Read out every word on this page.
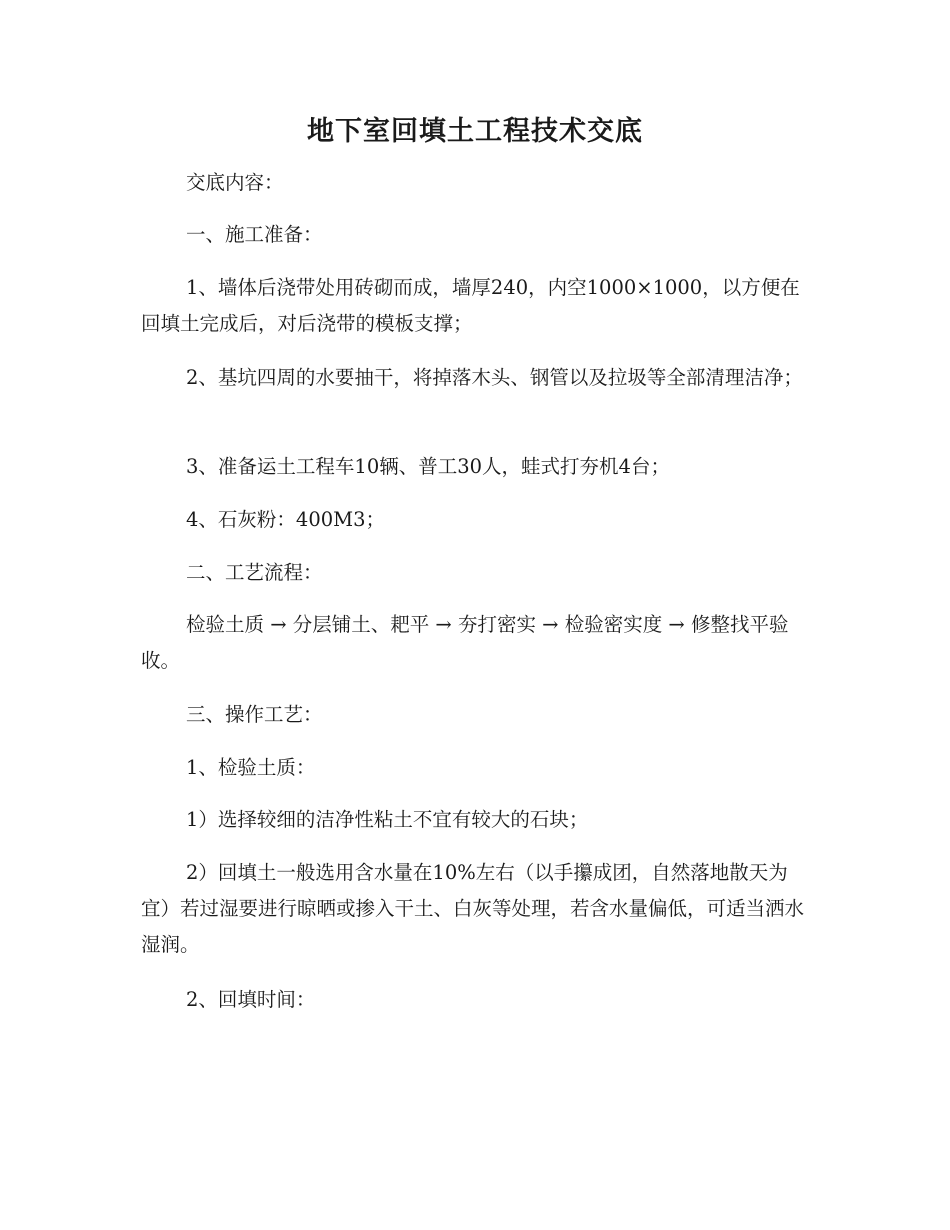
地下室回填土工程技术交底
交底内容：
一、施工准备：
1、墙体后浇带处用砖砌而成，墙厚240，内空1000×1000，以方便在回填土完成后，对后浇带的模板支撑；
2、基坑四周的水要抽干，将掉落木头、钢管以及拉圾等全部清理洁净；
3、准备运土工程车10辆、普工30人，蛙式打夯机4台；
4、石灰粉：400M3；
二、工艺流程：
检验土质 → 分层铺土、耙平 → 夯打密实 → 检验密实度 → 修整找平验收。
三、操作工艺：
1、检验土质：
1）选择较细的洁净性粘土不宜有较大的石块；
2）回填土一般选用含水量在10%左右（以手攥成团，自然落地散天为宜）若过湿要进行晾晒或掺入干土、白灰等处理，若含水量偏低，可适当洒水湿润。
2、回填时间：
